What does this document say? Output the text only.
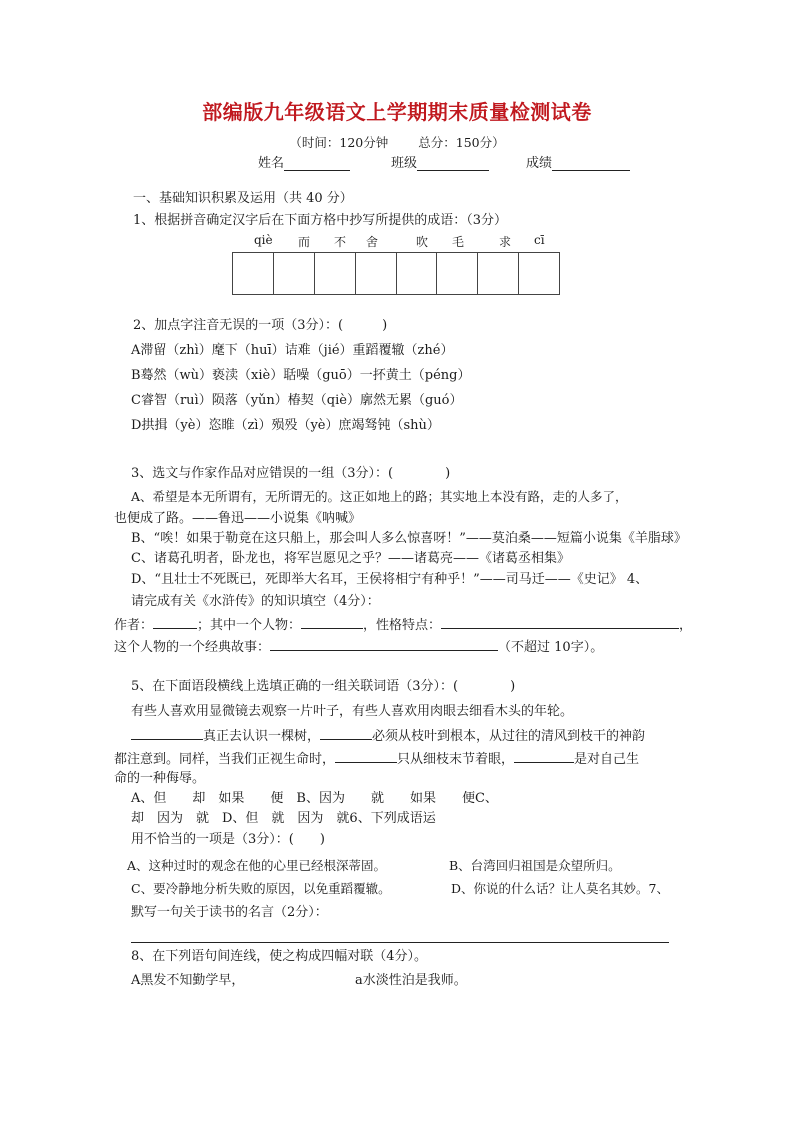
部编版九年级语文上学期期末质量检测试卷
（时间：120分钟 总分：150分）
姓名	班级	成绩
一、基础知识积累及运用（共 40 分）
1、根据拼音确定汉字后在下面方格中抄写所提供的成语：（3分）
qiè 而 不 舍	吹 毛	求 cī
2、加点字注音无误的一项（3分）：(　　　)
A滞留（zhì）麾下（huī）诘难（jié）重蹈覆辙（zhé）
B蓦然（wù）亵渎（xiè）聒噪（guō）一抔黄土（péng）
C睿智（ruì）陨落（yǔn）椿契（qiè）廓然无累（guó）
D拱揖（yè）恣睢（zì）殒殁（yè）庶竭驽钝（shù）
3、选文与作家作品对应错误的一组（3分）：(　　　　)
A、希望是本无所谓有，无所谓无的。这正如地上的路；其实地上本没有路，走的人多了，
也便成了路。——鲁迅——小说集《呐喊》
B、“唉！如果于勒竟在这只船上，那会叫人多么惊喜呀！”——莫泊桑——短篇小说集《羊脂球》
C、诸葛孔明者，卧龙也，将军岂愿见之乎？——诸葛亮——《诸葛丞相集》
D、“且壮士不死既已，死即举大名耳，王侯将相宁有种乎！”——司马迁——《史记》 4、
请完成有关《水浒传》的知识填空（4分）：
作者：	；其中一个人物：	，性格特点：	，
这个人物的一个经典故事：	（不超过 10字）。
5、在下面语段横线上选填正确的一组关联词语（3分）：(　　　　)
有些人喜欢用显微镜去观察一片叶子，有些人喜欢用肉眼去细看木头的年轮。
真正去认识一棵树，	必须从枝叶到根本，从过往的清风到枝干的神韵
都注意到。同样，当我们正视生命时，	只从细枝末节着眼，	是对自己生
命的一种侮辱。
A、但　　却　如果　　便　B、因为　　就　　如果　　便C、
却　因为　就　D、但　就　因为　就6、下列成语运
用不恰当的一项是（3分）：(　　)
A、这种过时的观念在他的心里已经根深蒂固。	B、台湾回归祖国是众望所归。
C、要冷静地分析失败的原因，以免重蹈覆辙。	D、你说的什么话？让人莫名其妙。7、
默写一句关于读书的名言（2分）：
8、在下列语句间连线，使之构成四幅对联（4分）。
A黑发不知勤学早，	a水淡性泊是我师。
